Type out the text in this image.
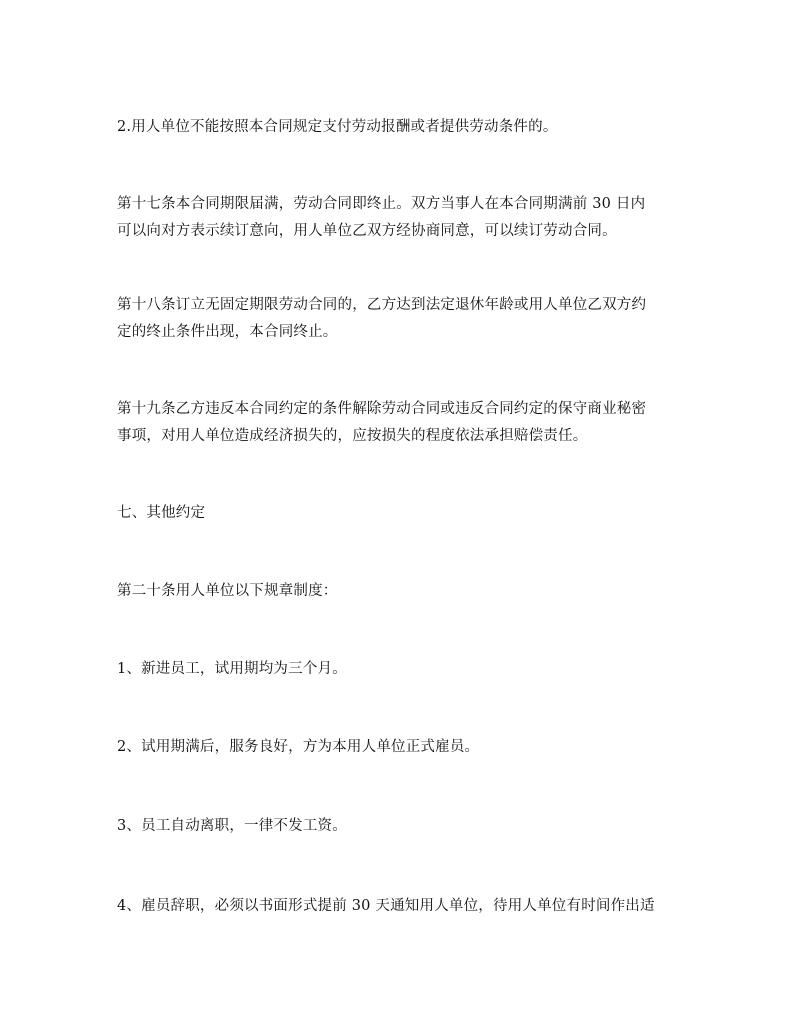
2.用人单位不能按照本合同规定支付劳动报酬或者提供劳动条件的。

第十七条本合同期限届满，劳动合同即终止。双方当事人在本合同期满前 30 日内
可以向对方表示续订意向，用人单位乙双方经协商同意，可以续订劳动合同。

第十八条订立无固定期限劳动合同的，乙方达到法定退休年龄或用人单位乙双方约
定的终止条件出现，本合同终止。

第十九条乙方违反本合同约定的条件解除劳动合同或违反合同约定的保守商业秘密
事项，对用人单位造成经济损失的，应按损失的程度依法承担赔偿责任。

七、其他约定

第二十条用人单位以下规章制度：

1、新进员工，试用期均为三个月。

2、试用期满后，服务良好，方为本用人单位正式雇员。

3、员工自动离职，一律不发工资。

4、雇员辞职，必须以书面形式提前 30 天通知用人单位，待用人单位有时间作出适
